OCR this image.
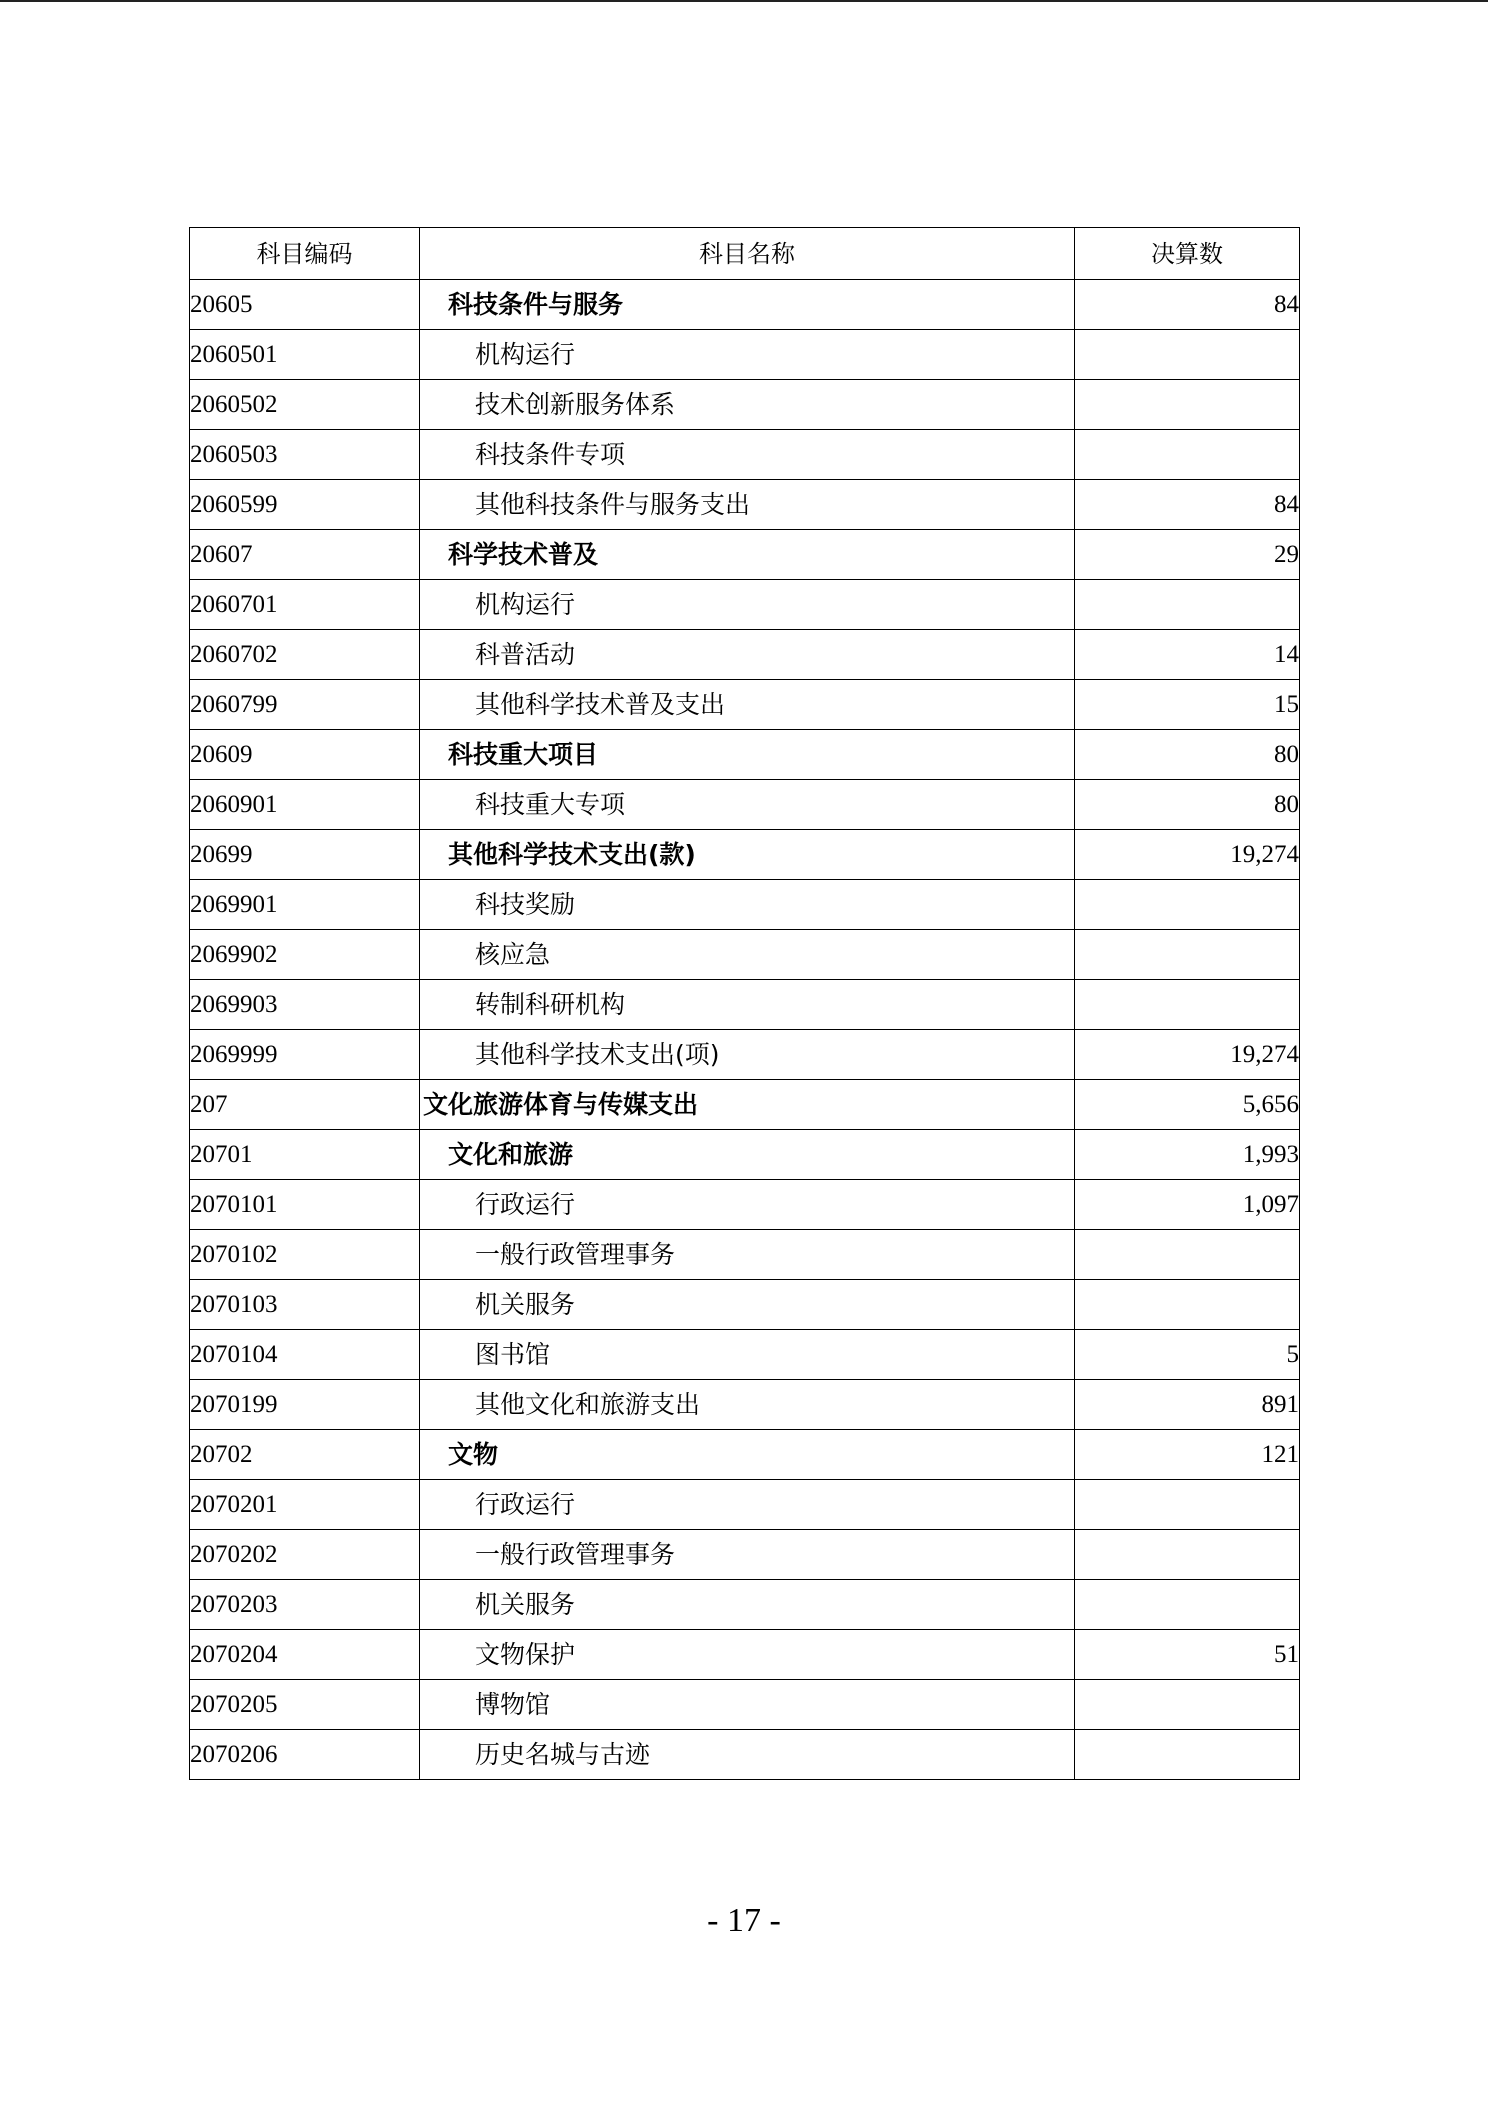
科目编码	科目名称	决算数
20605	科技条件与服务	84
2060501	机构运行	
2060502	技术创新服务体系	
2060503	科技条件专项	
2060599	其他科技条件与服务支出	84
20607	科学技术普及	29
2060701	机构运行	
2060702	科普活动	14
2060799	其他科学技术普及支出	15
20609	科技重大项目	80
2060901	科技重大专项	80
20699	其他科学技术支出(款)	19,274
2069901	科技奖励	
2069902	核应急	
2069903	转制科研机构	
2069999	其他科学技术支出(项)	19,274
207	文化旅游体育与传媒支出	5,656
20701	文化和旅游	1,993
2070101	行政运行	1,097
2070102	一般行政管理事务	
2070103	机关服务	
2070104	图书馆	5
2070199	其他文化和旅游支出	891
20702	文物	121
2070201	行政运行	
2070202	一般行政管理事务	
2070203	机关服务	
2070204	文物保护	51
2070205	博物馆	
2070206	历史名城与古迹	
- 17 -
